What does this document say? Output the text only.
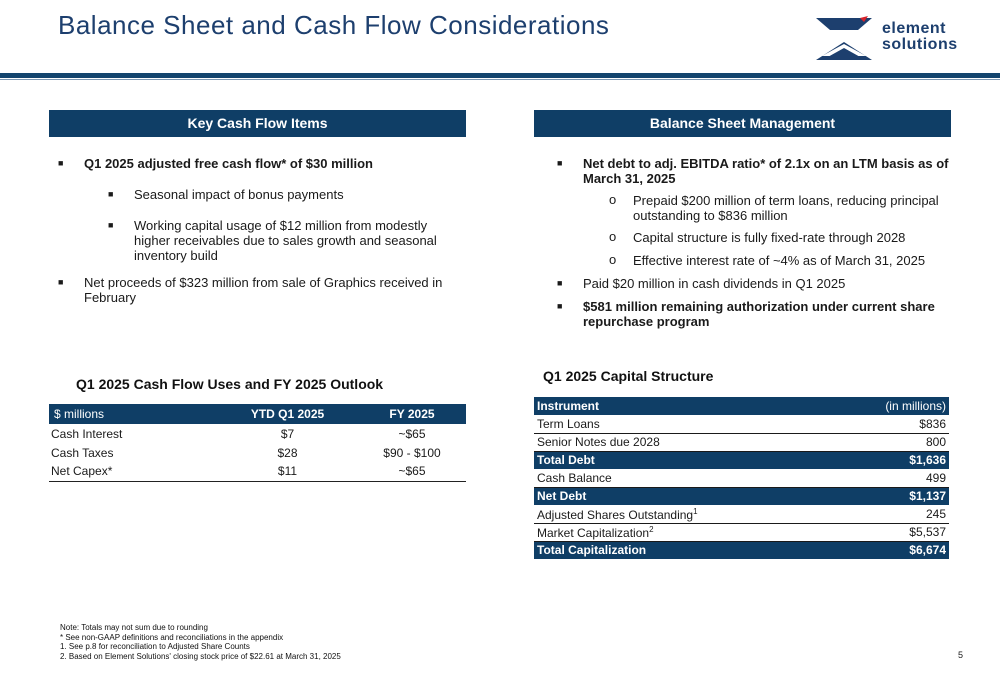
Balance Sheet and Cash Flow Considerations	element
solutions
Key Cash Flow Items	Balance Sheet Management
■ Q1 2025 adjusted free cash flow* of $30 million
■ Seasonal impact of bonus payments
■ Working capital usage of $12 million from modestly higher receivables due to sales growth and seasonal inventory build
■ Net proceeds of $323 million from sale of Graphics received in February
■ Net debt to adj. EBITDA ratio* of 2.1x on an LTM basis as of March 31, 2025
o Prepaid $200 million of term loans, reducing principal outstanding to $836 million
o Capital structure is fully fixed-rate through 2028
o Effective interest rate of ~4% as of March 31, 2025
■ Paid $20 million in cash dividends in Q1 2025
■ $581 million remaining authorization under current share repurchase program
Q1 2025 Cash Flow Uses and FY 2025 Outlook
$ millions	YTD Q1 2025	FY 2025
Cash Interest	$7	~$65
Cash Taxes	$28	$90 - $100
Net Capex*	$11	~$65
Q1 2025 Capital Structure
Instrument	(in millions)
Term Loans	$836
Senior Notes due 2028	800
Total Debt	$1,636
Cash Balance	499
Net Debt	$1,137
Adjusted Shares Outstanding$^1$	245
Market Capitalization$^2$	$5,537
Total Capitalization	$6,674
Note: Totals may not sum due to rounding
* See non-GAAP definitions and reconciliations in the appendix
1. See p.8 for reconciliation to Adjusted Share Counts
2. Based on Element Solutions' closing stock price of $22.61 at March 31, 2025	5
